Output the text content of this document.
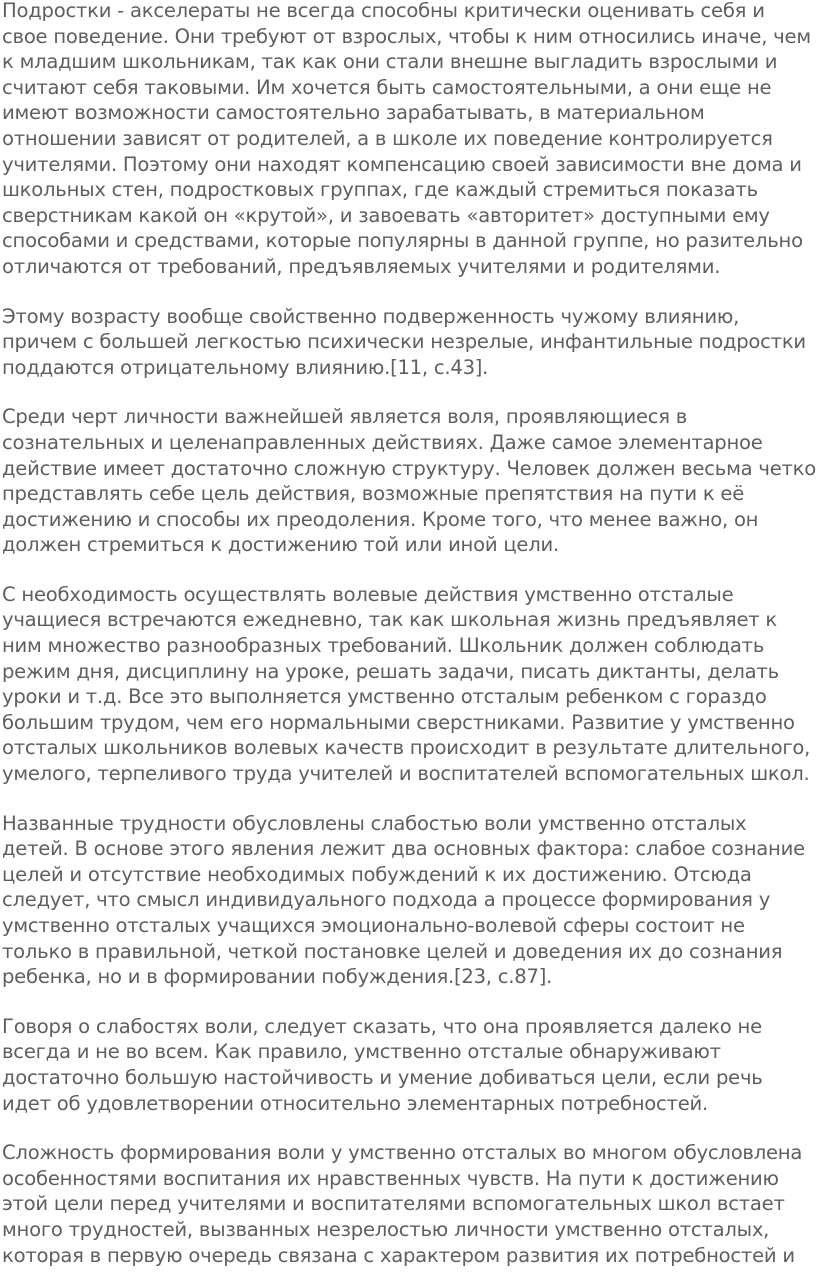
Подростки - акселераты не всегда способны критически оценивать себя и свое поведение. Они требуют от взрослых, чтобы к ним относились иначе, чем к младшим школьникам, так как они стали внешне выгладить взрослыми и считают себя таковыми. Им хочется быть самостоятельными, а они еще не имеют возможности самостоятельно зарабатывать, в материальном отношении зависят от родителей, а в школе их поведение контролируется учителями. Поэтому они находят компенсацию своей зависимости вне дома и школьных стен, подростковых группах, где каждый стремиться показать сверстникам какой он «крутой», и завоевать «авторитет» доступными ему способами и средствами, которые популярны в данной группе, но разительно отличаются от требований, предъявляемых учителями и родителями.

Этому возрасту вообще свойственно подверженность чужому влиянию, причем с большей легкостью психически незрелые, инфантильные подростки поддаются отрицательному влиянию.[11, с.43].

Среди черт личности важнейшей является воля, проявляющиеся в сознательных и целенаправленных действиях. Даже самое элементарное действие имеет достаточно сложную структуру. Человек должен весьма четко представлять себе цель действия, возможные препятствия на пути к её достижению и способы их преодоления. Кроме того, что менее важно, он должен стремиться к достижению той или иной цели.

С необходимость осуществлять волевые действия умственно отсталые учащиеся встречаются ежедневно, так как школьная жизнь предъявляет к ним множество разнообразных требований. Школьник должен соблюдать режим дня, дисциплину на уроке, решать задачи, писать диктанты, делать уроки и т.д. Все это выполняется умственно отсталым ребенком с гораздо большим трудом, чем его нормальными сверстниками. Развитие у умственно отсталых школьников волевых качеств происходит в результате длительного, умелого, терпеливого труда учителей и воспитателей вспомогательных школ.

Названные трудности обусловлены слабостью воли умственно отсталых детей. В основе этого явления лежит два основных фактора: слабое сознание целей и отсутствие необходимых побуждений к их достижению. Отсюда следует, что смысл индивидуального подхода а процессе формирования у умственно отсталых учащихся эмоционально-волевой сферы состоит не только в правильной, четкой постановке целей и доведения их до сознания ребенка, но и в формировании побуждения.[23, с.87].

Говоря о слабостях воли, следует сказать, что она проявляется далеко не всегда и не во всем. Как правило, умственно отсталые обнаруживают достаточно большую настойчивость и умение добиваться цели, если речь идет об удовлетворении относительно элементарных потребностей.

Сложность формирования воли у умственно отсталых во многом обусловлена особенностями воспитания их нравственных чувств. На пути к достижению этой цели перед учителями и воспитателями вспомогательных школ встает много трудностей, вызванных незрелостью личности умственно отсталых, которая в первую очередь связана с характером развития их потребностей и
